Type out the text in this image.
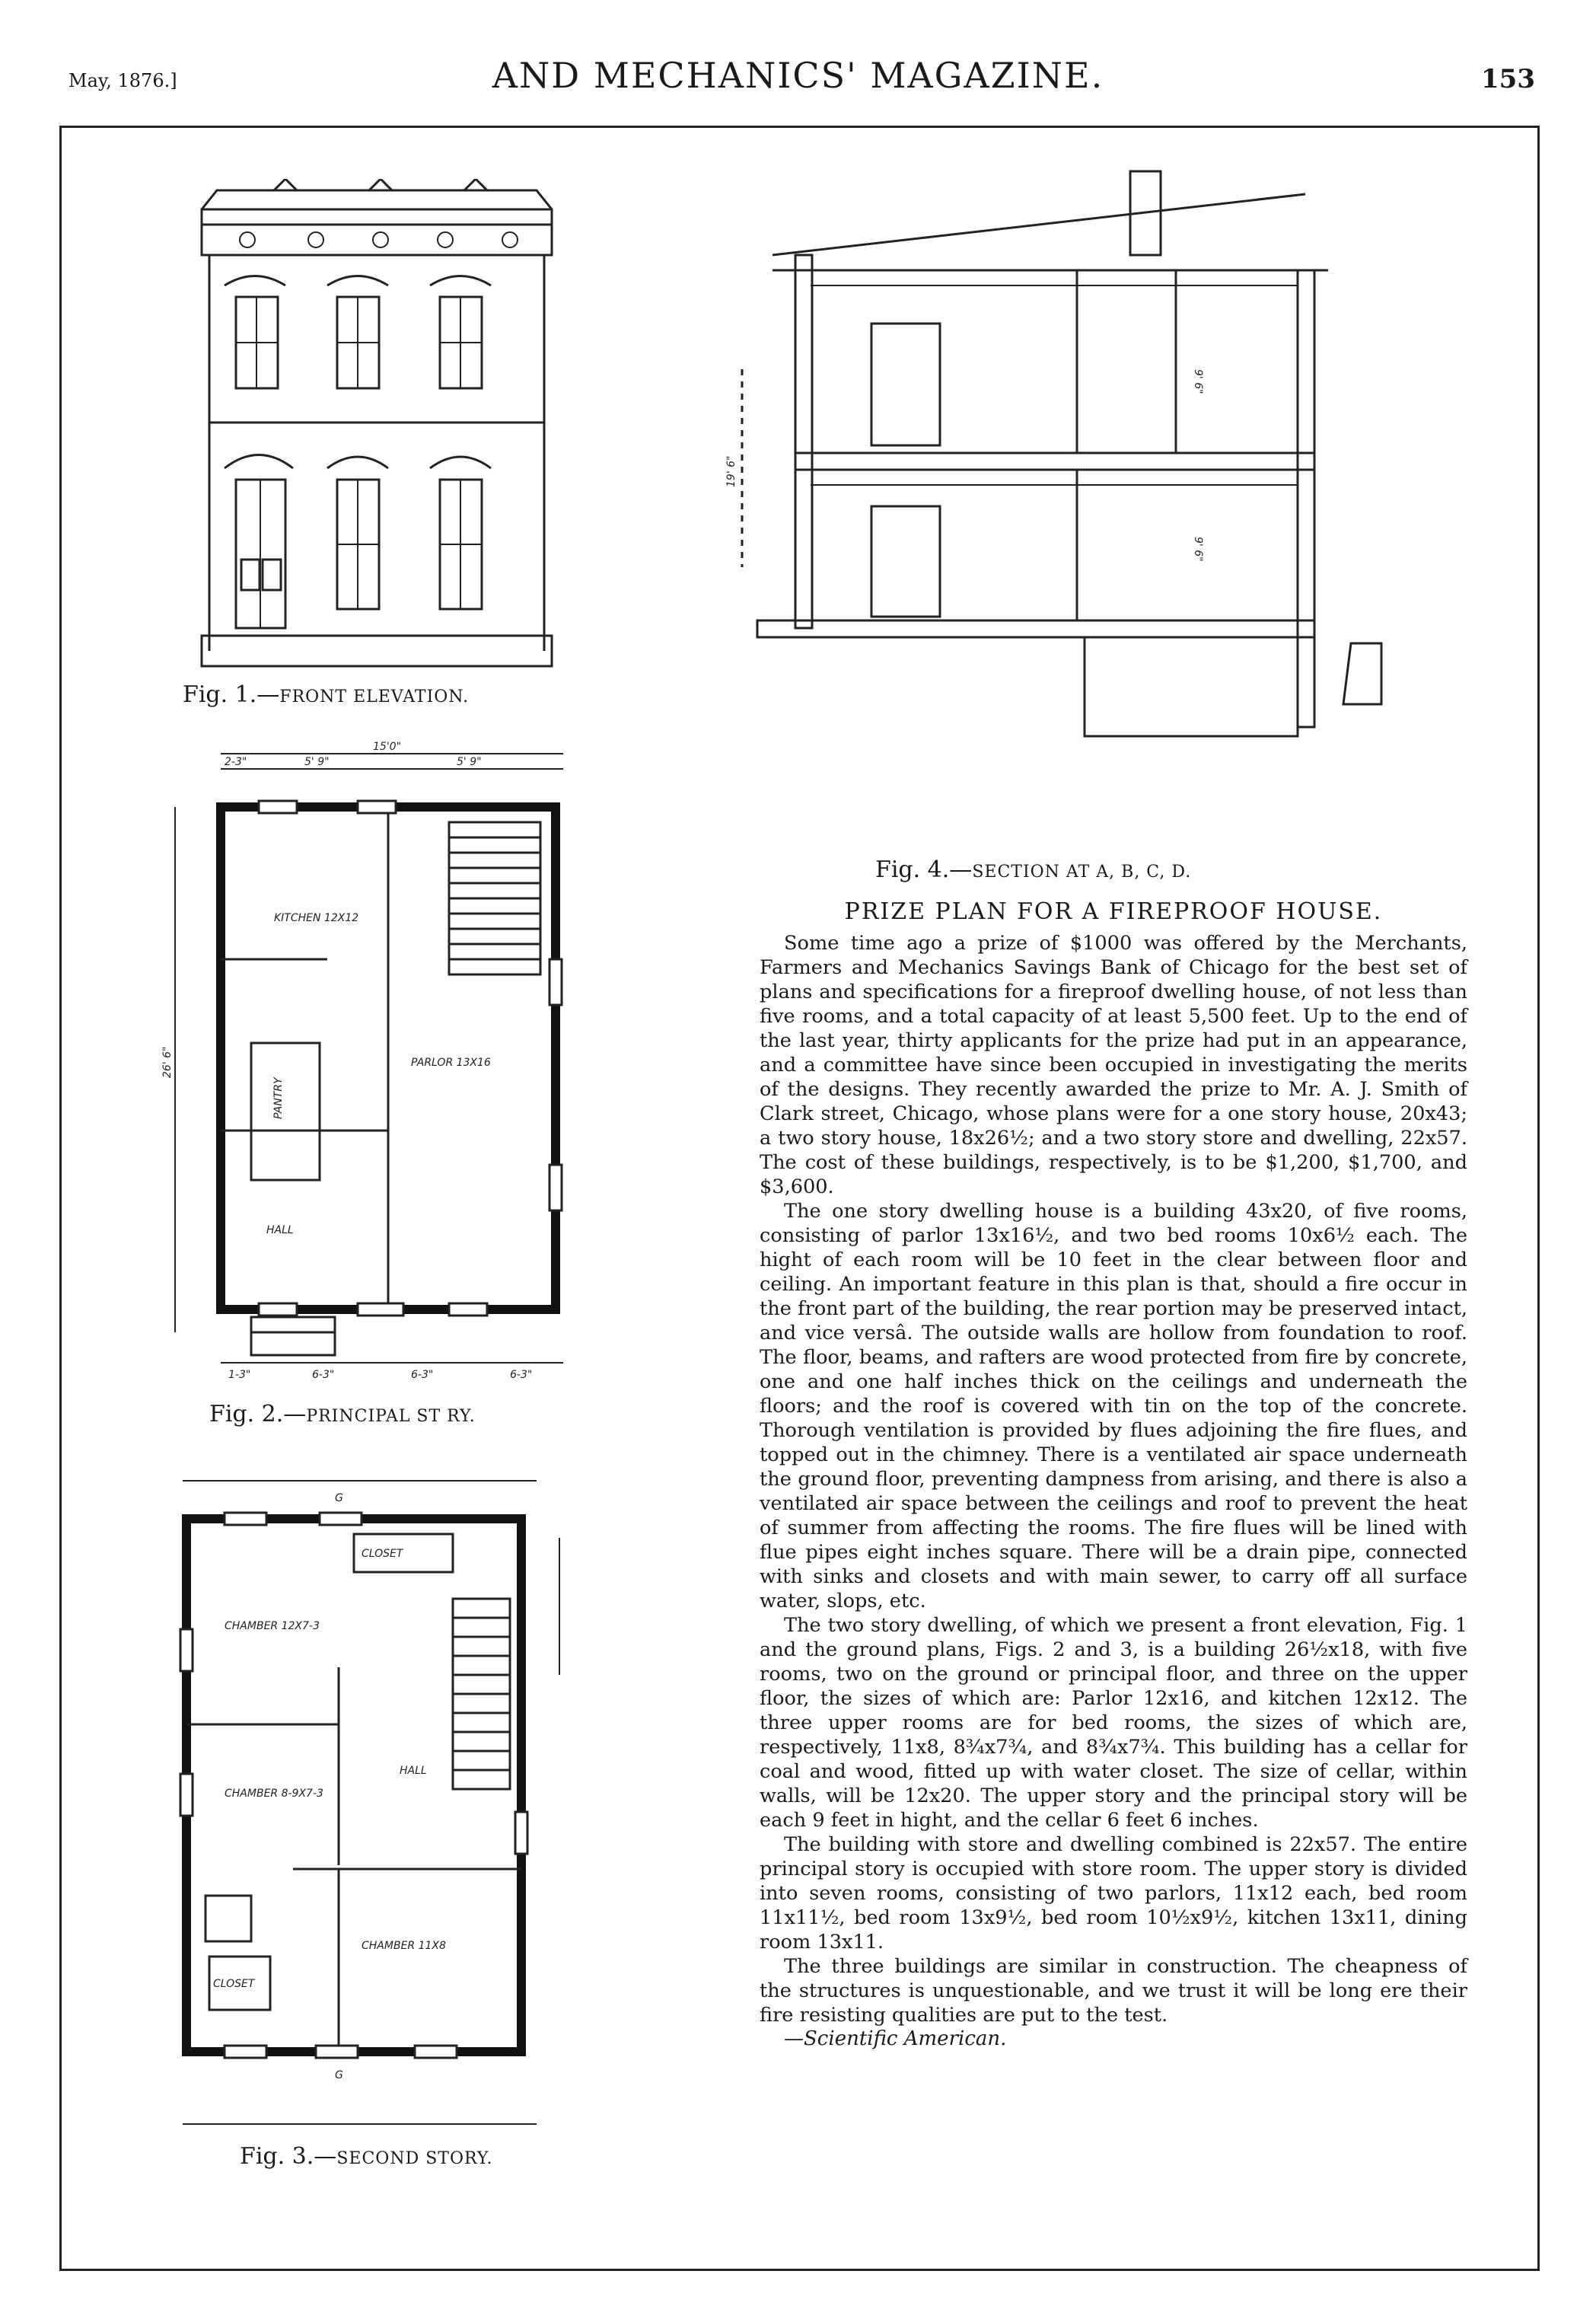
May, 1876.]	AND MECHANICS' MAGAZINE.	153
Fig. 1.—FRONT ELEVATION.
15'0"
2-3"	5' 9"	5' 9"
26' 6"
1-3"	6-3"	6-3"	6-3"
KITCHEN 12X12
PANTRY
PARLOR 13X16
HALL
Fig. 2.—PRINCIPAL ST RY.
G
G
CLOSET
CHAMBER 12X7-3
HALL
CHAMBER 8-9X7-3
CHAMBER 11X8
CLOSET
Fig. 3.—SECOND STORY.
19' 6"
9' 6"
9' 6"
Fig. 4.—SECTION AT A, B, C, D.
PRIZE PLAN FOR A FIREPROOF HOUSE.

Some time ago a prize of $1000 was offered by the Merchants, Farmers and Mechanics Savings Bank of Chicago for the best set of plans and specifications for a fireproof dwelling house, of not less than five rooms, and a total capacity of at least 5,500 feet. Up to the end of the last year, thirty applicants for the prize had put in an appearance, and a committee have since been occupied in investigating the merits of the designs. They recently awarded the prize to Mr. A. J. Smith of Clark street, Chicago, whose plans were for a one story house, 20x43; a two story house, 18x26½; and a two story store and dwelling, 22x57. The cost of these buildings, respectively, is to be $1,200, $1,700, and $3,600.

The one story dwelling house is a building 43x20, of five rooms, consisting of parlor 13x16½, and two bed rooms 10x6½ each. The hight of each room will be 10 feet in the clear between floor and ceiling. An important feature in this plan is that, should a fire occur in the front part of the building, the rear portion may be preserved intact, and vice versâ. The outside walls are hollow from foundation to roof. The floor, beams, and rafters are wood protected from fire by concrete, one and one half inches thick on the ceilings and underneath the floors; and the roof is covered with tin on the top of the concrete. Thorough ventilation is provided by flues adjoining the fire flues, and topped out in the chimney. There is a ventilated air space underneath the ground floor, preventing dampness from arising, and there is also a ventilated air space between the ceilings and roof to prevent the heat of summer from affecting the rooms. The fire flues will be lined with flue pipes eight inches square. There will be a drain pipe, connected with sinks and closets and with main sewer, to carry off all surface water, slops, etc.

The two story dwelling, of which we present a front elevation, Fig. 1 and the ground plans, Figs. 2 and 3, is a building 26½x18, with five rooms, two on the ground or principal floor, and three on the upper floor, the sizes of which are: Parlor 12x16, and kitchen 12x12. The three upper rooms are for bed rooms, the sizes of which are, respectively, 11x8, 8¾x7¾, and 8¾x7¾. This building has a cellar for coal and wood, fitted up with water closet. The size of cellar, within walls, will be 12x20. The upper story and the principal story will be each 9 feet in hight, and the cellar 6 feet 6 inches.

The building with store and dwelling combined is 22x57. The entire principal story is occupied with store room. The upper story is divided into seven rooms, consisting of two parlors, 11x12 each, bed room 11x11½, bed room 13x9½, bed room 10½x9½, kitchen 13x11, dining room 13x11.

The three buildings are similar in construction. The cheapness of the structures is unquestionable, and we trust it will be long ere their fire resisting qualities are put to the test.

—Scientific American.
